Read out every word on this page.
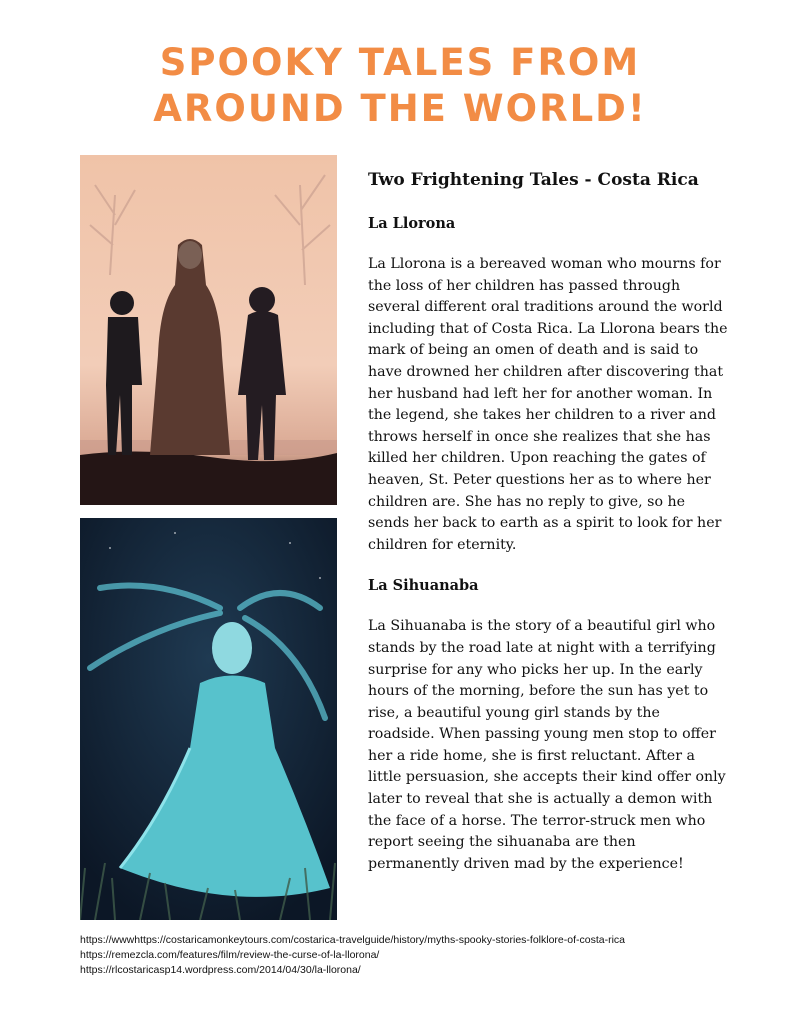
SPOOKY TALES FROM
AROUND THE WORLD!
Two Frightening Tales - Costa Rica
La Llorona

La Llorona is a bereaved woman who mourns for the loss of her children has passed through several different oral traditions around the world including that of Costa Rica. La Llorona bears the mark of being an omen of death and is said to have drowned her children after discovering that her husband had left her for another woman. In the legend, she takes her children to a river and throws herself in once she realizes that she has killed her children. Upon reaching the gates of heaven, St. Peter questions her as to where her children are. She has no reply to give, so he sends her back to earth as a spirit to look for her children for eternity.

La Sihuanaba

La Sihuanaba is the story of a beautiful girl who stands by the road late at night with a terrifying surprise for any who picks her up. In the early hours of the morning, before the sun has yet to rise, a beautiful young girl stands by the roadside. When passing young men stop to offer her a ride home, she is first reluctant. After a little persuasion, she accepts their kind offer only later to reveal that she is actually a demon with the face of a horse. The terror-struck men who report seeing the sihuanaba are then permanently driven mad by the experience!

https://wwwhttps://costaricamonkeytours.com/costarica-travelguide/history/myths-spooky-stories-folklore-of-costa-rica
https://remezcla.com/features/film/review-the-curse-of-la-llorona/
https://rlcostaricasp14.wordpress.com/2014/04/30/la-llorona/
